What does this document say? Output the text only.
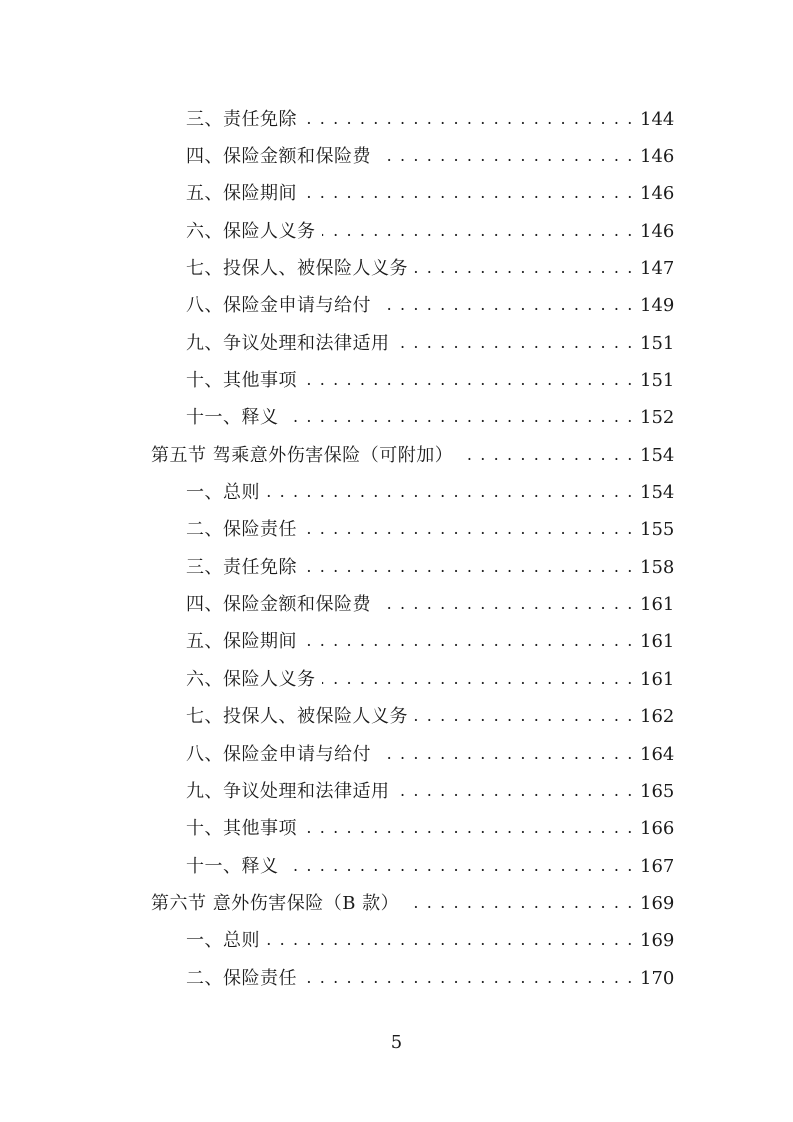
三、责任免除 . . .	144
四、保险金额和保险费 . . .	146
五、保险期间 . . .	146
六、保险人义务 . . .	146
七、投保人、被保险人义务 . . .	147
八、保险金申请与给付 . . .	149
九、争议处理和法律适用 . . .	151
十、其他事项 . . .	151
十一、释义 . . .	152
第五节 驾乘意外伤害保险（可附加） . . .	154
一、总则 . . .	154
二、保险责任 . . .	155
三、责任免除 . . .	158
四、保险金额和保险费 . . .	161
五、保险期间 . . .	161
六、保险人义务 . . .	161
七、投保人、被保险人义务 . . .	162
八、保险金申请与给付 . . .	164
九、争议处理和法律适用 . . .	165
十、其他事项 . . .	166
十一、释义 . . .	167
第六节 意外伤害保险（B 款） . . .	169
一、总则 . . .	169
二、保险责任 . . .	170
5
